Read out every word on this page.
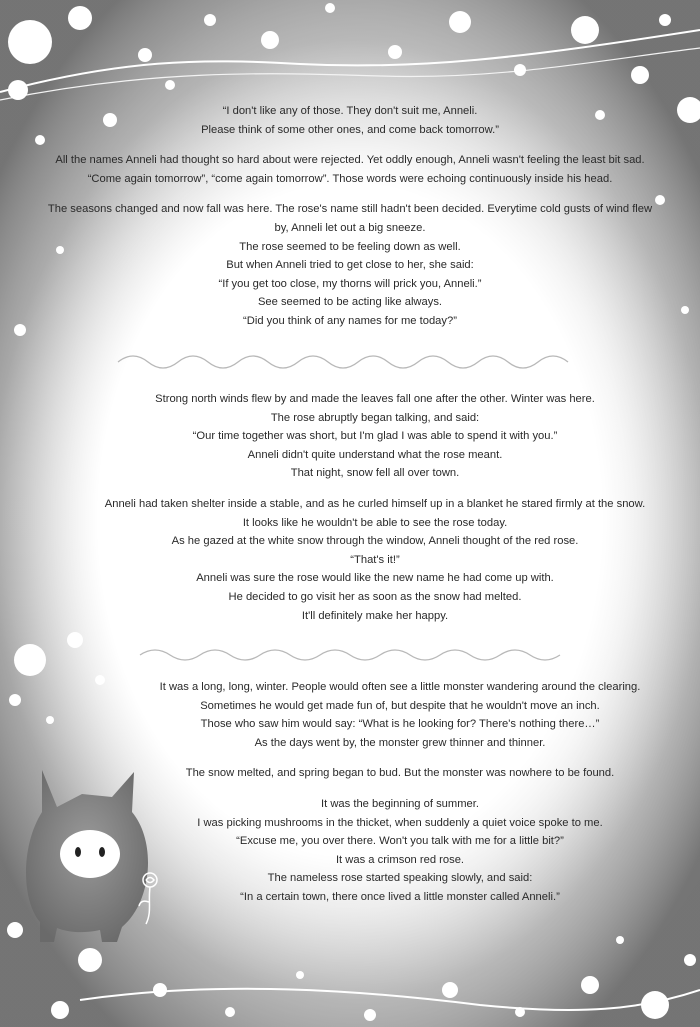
“I don't like any of those. They don't suit me, Anneli.
Please think of some other ones, and come back tomorrow.”
All the names Anneli had thought so hard about were rejected. Yet oddly enough, Anneli wasn't feeling the least bit sad.
“Come again tomorrow”, “come again tomorrow”. Those words were echoing continuously inside his head.
The seasons changed and now fall was here. The rose's name still hadn't been decided. Everytime cold gusts of wind flew
by, Anneli let out a big sneeze.
The rose seemed to be feeling down as well.
But when Anneli tried to get close to her, she said:
“If you get too close, my thorns will prick you, Anneli.”
See seemed to be acting like always.
“Did you think of any names for me today?”
Strong north winds flew by and made the leaves fall one after the other. Winter was here.
The rose abruptly began talking, and said:
“Our time together was short, but I'm glad I was able to spend it with you.”
Anneli didn't quite understand what the rose meant.
That night, snow fell all over town.
Anneli had taken shelter inside a stable, and as he curled himself up in a blanket he stared firmly at the snow.
It looks like he wouldn't be able to see the rose today.
As he gazed at the white snow through the window, Anneli thought of the red rose.
“That's it!”
Anneli was sure the rose would like the new name he had come up with.
He decided to go visit her as soon as the snow had melted.
It'll definitely make her happy.
It was a long, long, winter. People would often see a little monster wandering around the clearing.
Sometimes he would get made fun of, but despite that he wouldn't move an inch.
Those who saw him would say: “What is he looking for? There's nothing there…”
As the days went by, the monster grew thinner and thinner.
The snow melted, and spring began to bud. But the monster was nowhere to be found.
It was the beginning of summer.
I was picking mushrooms in the thicket, when suddenly a quiet voice spoke to me.
“Excuse me, you over there. Won't you talk with me for a little bit?”
It was a crimson red rose.
The nameless rose started speaking slowly, and said:
“In a certain town, there once lived a little monster called Anneli.”
